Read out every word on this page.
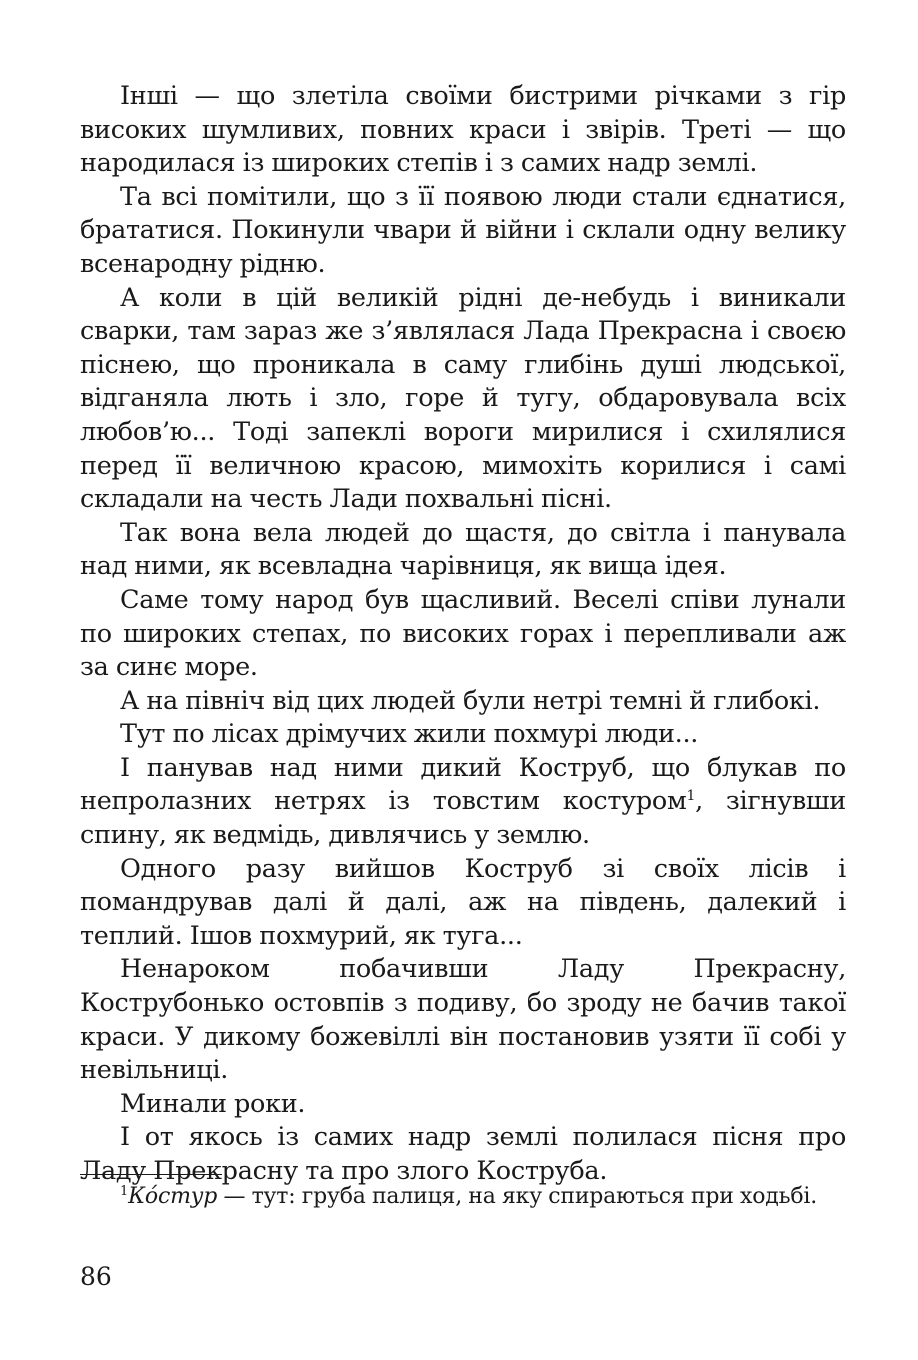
Інші — що злетіла своїми бистрими річками з гір високих шумливих, повних краси і звірів. Треті — що народилася із широких степів і з самих надр землі.

Та всі помітили, що з її появою люди стали єднатися, брататися. Покинули чвари й війни і склали одну велику всенародну рідню.

А коли в цій великій рідні де-небудь і виникали сварки, там зараз же з’являлася Лада Прекрасна і своєю піснею, що проникала в саму глибінь душі людської, відганяла лють і зло, горе й тугу, обдаровувала всіх любов’ю... Тоді запеклі вороги мирилися і схилялися перед її величною красою, мимохіть корилися і самі складали на честь Лади похвальні пісні.

Так вона вела людей до щастя, до світла і панувала над ними, як всевладна чарівниця, як вища ідея.

Саме тому народ був щасливий. Веселі співи лунали по широких степах, по високих горах і перепливали аж за синє море.

А на північ від цих людей були нетрі темні й глибокі.

Тут по лісах дрімучих жили похмурі люди...

І панував над ними дикий Коструб, що блукав по непролазних нетрях із товстим костуром$^1$, зігнувши спину, як ведмідь, дивлячись у землю.

Одного разу вийшов Коструб зі своїх лісів і помандрував далі й далі, аж на південь, далекий і теплий. Ішов похмурий, як туга...

Ненароком побачивши Ладу Прекрасну, Кострубонько остовпів з подиву, бо зроду не бачив такої краси. У дикому божевіллі він постановив узяти її собі у невільниці.

Минали роки.

І от якось із самих надр землі полилася пісня про Ладу Прекрасну та про злого Коструба.

$^1$Ко́стур — тут: груба палиця, на яку спираються при ходьбі.

86
